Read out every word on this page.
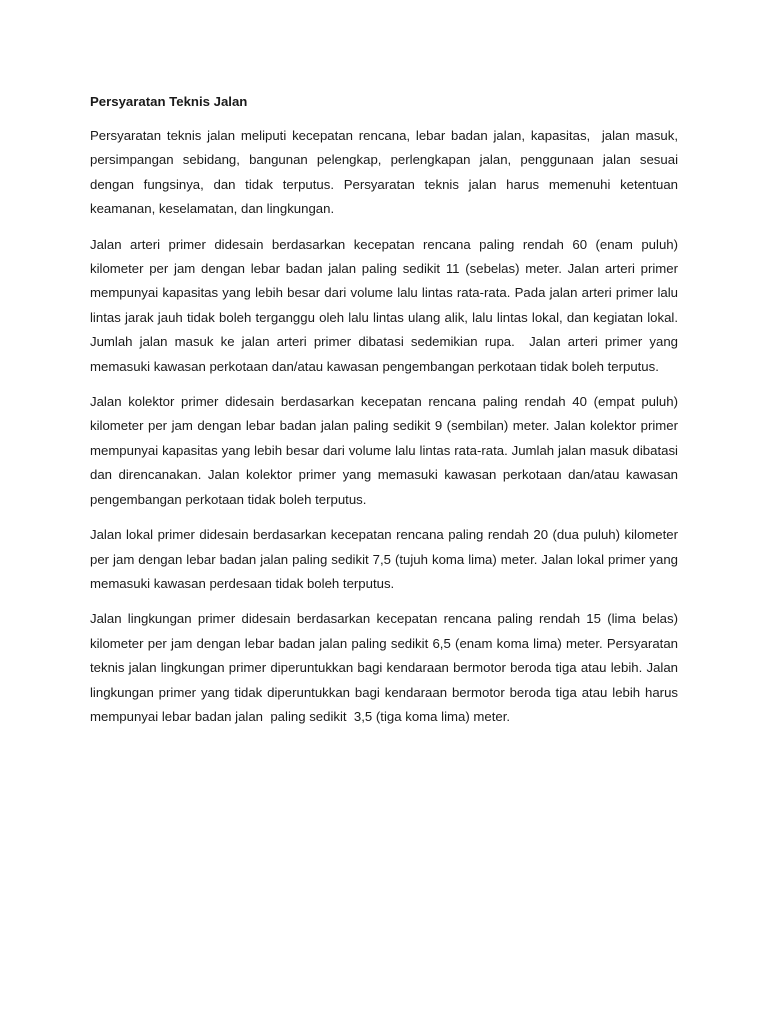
Persyaratan Teknis Jalan

Persyaratan teknis jalan meliputi kecepatan rencana, lebar badan jalan, kapasitas,  jalan masuk,  persimpangan sebidang, bangunan pelengkap, perlengkapan jalan, penggunaan jalan sesuai dengan fungsinya, dan tidak terputus. Persyaratan teknis jalan harus memenuhi ketentuan keamanan, keselamatan, dan lingkungan.

Jalan arteri primer didesain berdasarkan kecepatan rencana paling rendah 60 (enam puluh) kilometer per jam dengan lebar badan jalan paling sedikit 11 (sebelas) meter. Jalan arteri primer mempunyai kapasitas yang lebih besar dari volume lalu lintas rata-rata. Pada jalan arteri primer lalu lintas jarak jauh tidak boleh terganggu oleh lalu lintas ulang alik, lalu lintas lokal, dan kegiatan lokal. Jumlah jalan masuk ke jalan arteri primer dibatasi sedemikian rupa.  Jalan arteri primer yang memasuki kawasan perkotaan dan/atau kawasan pengembangan perkotaan tidak boleh terputus.

Jalan kolektor primer didesain berdasarkan kecepatan rencana paling rendah 40 (empat puluh) kilometer per jam dengan lebar badan jalan paling sedikit 9 (sembilan) meter. Jalan kolektor primer mempunyai kapasitas yang lebih besar dari volume lalu lintas rata-rata. Jumlah jalan masuk dibatasi dan direncanakan. Jalan kolektor primer yang memasuki kawasan perkotaan dan/atau kawasan pengembangan perkotaan tidak boleh terputus.

Jalan lokal primer didesain berdasarkan kecepatan rencana paling rendah 20 (dua puluh) kilometer per jam dengan lebar badan jalan paling sedikit 7,5 (tujuh koma lima) meter. Jalan lokal primer yang memasuki kawasan perdesaan tidak boleh terputus.

Jalan lingkungan primer didesain berdasarkan kecepatan rencana paling rendah 15 (lima belas) kilometer per jam dengan lebar badan jalan paling sedikit 6,5 (enam koma lima) meter. Persyaratan teknis jalan lingkungan primer diperuntukkan bagi kendaraan bermotor beroda tiga atau lebih. Jalan lingkungan primer yang tidak diperuntukkan bagi kendaraan bermotor beroda tiga atau lebih harus mempunyai lebar badan jalan  paling sedikit  3,5 (tiga koma lima) meter.
